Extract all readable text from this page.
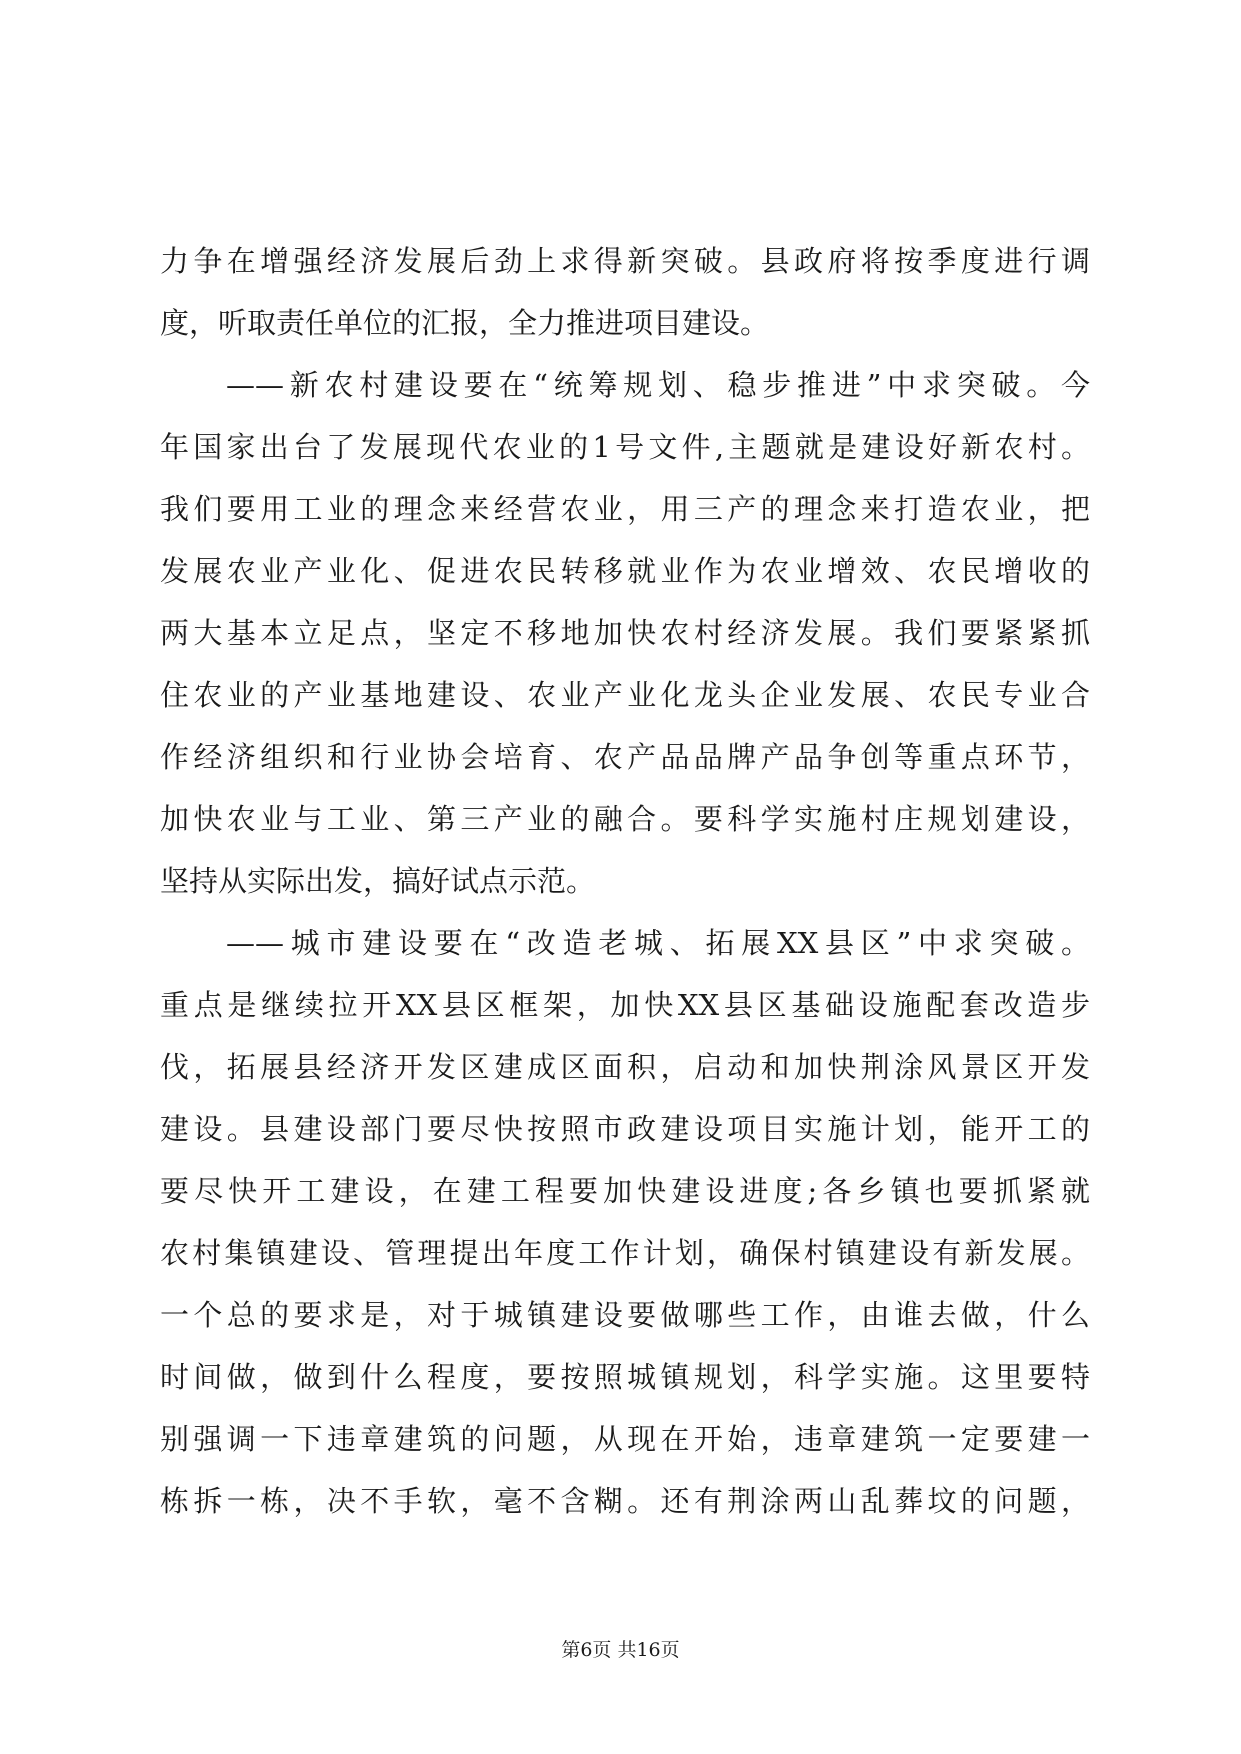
力争在增强经济发展后劲上求得新突破。县政府将按季度进行调
度，听取责任单位的汇报，全力推进项目建设。
——新农村建设要在“统筹规划、稳步推进”中求突破。今
年国家出台了发展现代农业的1号文件,主题就是建设好新农村。
我们要用工业的理念来经营农业，用三产的理念来打造农业，把
发展农业产业化、促进农民转移就业作为农业增效、农民增收的
两大基本立足点，坚定不移地加快农村经济发展。我们要紧紧抓
住农业的产业基地建设、农业产业化龙头企业发展、农民专业合
作经济组织和行业协会培育、农产品品牌产品争创等重点环节，
加快农业与工业、第三产业的融合。要科学实施村庄规划建设，
坚持从实际出发，搞好试点示范。
——城市建设要在“改造老城、拓展XX县区”中求突破。
重点是继续拉开XX县区框架，加快XX县区基础设施配套改造步
伐，拓展县经济开发区建成区面积，启动和加快荆涂风景区开发
建设。县建设部门要尽快按照市政建设项目实施计划，能开工的
要尽快开工建设，在建工程要加快建设进度;各乡镇也要抓紧就
农村集镇建设、管理提出年度工作计划，确保村镇建设有新发展。
一个总的要求是，对于城镇建设要做哪些工作，由谁去做，什么
时间做，做到什么程度，要按照城镇规划，科学实施。这里要特
别强调一下违章建筑的问题，从现在开始，违章建筑一定要建一
栋拆一栋，决不手软，毫不含糊。还有荆涂两山乱葬坟的问题，
第6页 共16页
